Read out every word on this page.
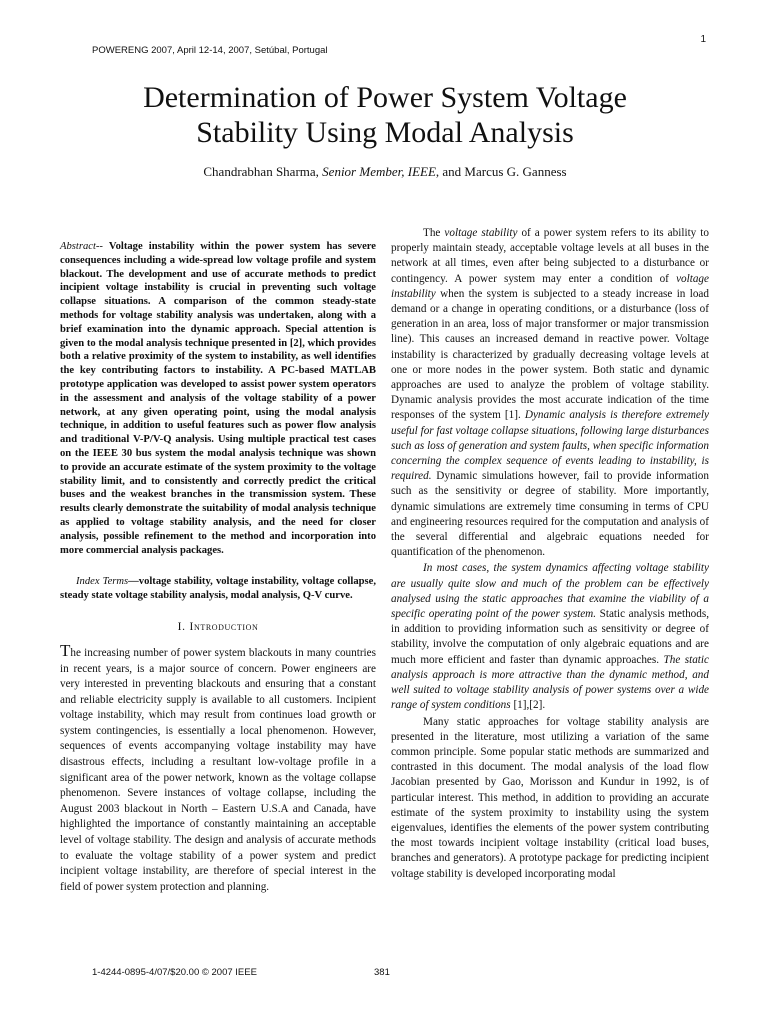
1
POWERENG 2007, April 12-14, 2007, Setúbal, Portugal
Determination of Power System Voltage
Stability Using Modal Analysis
Chandrabhan Sharma, Senior Member, IEEE, and Marcus G. Ganness

Abstract-- Voltage instability within the power system has severe consequences including a wide-spread low voltage profile and system blackout. The development and use of accurate methods to predict incipient voltage instability is crucial in preventing such voltage collapse situations. A comparison of the common steady-state methods for voltage stability analysis was undertaken, along with a brief examination into the dynamic approach. Special attention is given to the modal analysis technique presented in [2], which provides both a relative proximity of the system to instability, as well identifies the key contributing factors to instability. A PC-based MATLAB prototype application was developed to assist power system operators in the assessment and analysis of the voltage stability of a power network, at any given operating point, using the modal analysis technique, in addition to useful features such as power flow analysis and traditional V-P/V-Q analysis. Using multiple practical test cases on the IEEE 30 bus system the modal analysis technique was shown to provide an accurate estimate of the system proximity to the voltage stability limit, and to consistently and correctly predict the critical buses and the weakest branches in the transmission system. These results clearly demonstrate the suitability of modal analysis technique as applied to voltage stability analysis, and the need for closer analysis, possible refinement to the method and incorporation into more commercial analysis packages.

Index Terms—voltage stability, voltage instability, voltage collapse, steady state voltage stability analysis, modal analysis, Q-V curve.

I. Introduction

The increasing number of power system blackouts in many countries in recent years, is a major source of concern. Power engineers are very interested in preventing blackouts and ensuring that a constant and reliable electricity supply is available to all customers. Incipient voltage instability, which may result from continues load growth or system contingencies, is essentially a local phenomenon. However, sequences of events accompanying voltage instability may have disastrous effects, including a resultant low-voltage profile in a significant area of the power network, known as the voltage collapse phenomenon. Severe instances of voltage collapse, including the August 2003 blackout in North – Eastern U.S.A and Canada, have highlighted the importance of constantly maintaining an acceptable level of voltage stability. The design and analysis of accurate methods to evaluate the voltage stability of a power system and predict incipient voltage instability, are therefore of special interest in the field of power system protection and planning.

The voltage stability of a power system refers to its ability to properly maintain steady, acceptable voltage levels at all buses in the network at all times, even after being subjected to a disturbance or contingency. A power system may enter a condition of voltage instability when the system is subjected to a steady increase in load demand or a change in operating conditions, or a disturbance (loss of generation in an area, loss of major transformer or major transmission line). This causes an increased demand in reactive power. Voltage instability is characterized by gradually decreasing voltage levels at one or more nodes in the power system. Both static and dynamic approaches are used to analyze the problem of voltage stability. Dynamic analysis provides the most accurate indication of the time responses of the system [1]. Dynamic analysis is therefore extremely useful for fast voltage collapse situations, following large disturbances such as loss of generation and system faults, when specific information concerning the complex sequence of events leading to instability, is required. Dynamic simulations however, fail to provide information such as the sensitivity or degree of stability. More importantly, dynamic simulations are extremely time consuming in terms of CPU and engineering resources required for the computation and analysis of the several differential and algebraic equations needed for quantification of the phenomenon.

In most cases, the system dynamics affecting voltage stability are usually quite slow and much of the problem can be effectively analysed using the static approaches that examine the viability of a specific operating point of the power system. Static analysis methods, in addition to providing information such as sensitivity or degree of stability, involve the computation of only algebraic equations and are much more efficient and faster than dynamic approaches. The static analysis approach is more attractive than the dynamic method, and well suited to voltage stability analysis of power systems over a wide range of system conditions [1],[2].

Many static approaches for voltage stability analysis are presented in the literature, most utilizing a variation of the same common principle. Some popular static methods are summarized and contrasted in this document. The modal analysis of the load flow Jacobian presented by Gao, Morisson and Kundur in 1992, is of particular interest. This method, in addition to providing an accurate estimate of the system proximity to instability using the system eigenvalues, identifies the elements of the power system contributing the most towards incipient voltage instability (critical load buses, branches and generators). A prototype package for predicting incipient voltage stability is developed incorporating modal

1-4244-0895-4/07/$20.00 © 2007 IEEE	381
